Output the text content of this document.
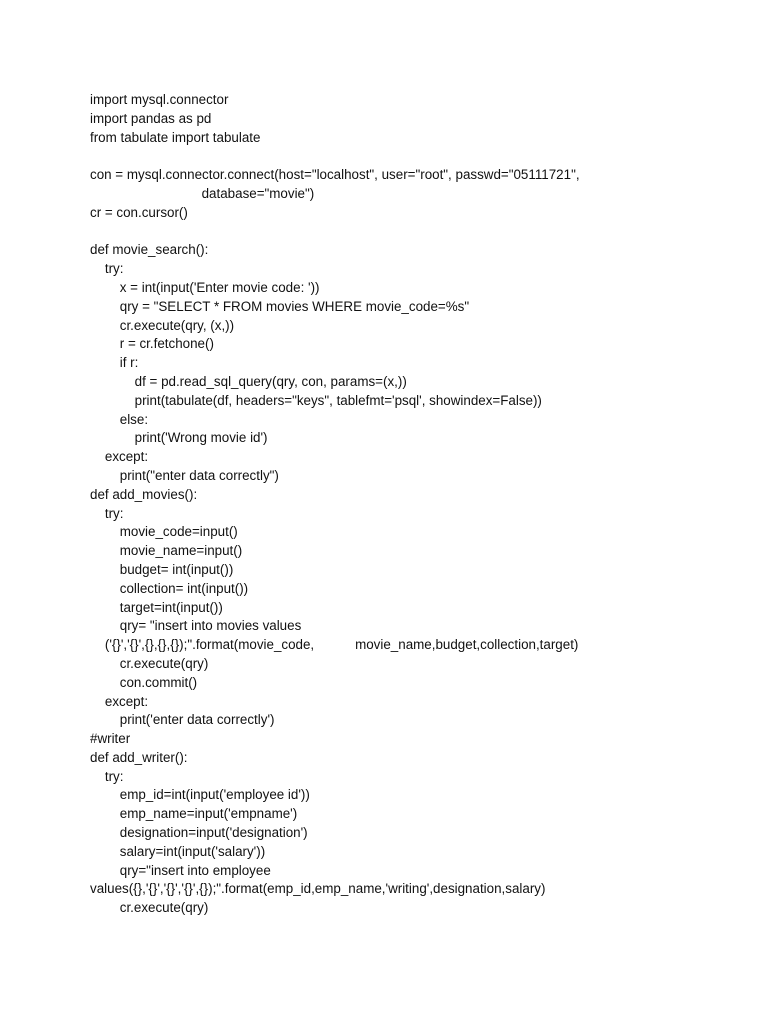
import mysql.connector
import pandas as pd
from tabulate import tabulate
con = mysql.connector.connect(host="localhost", user="root", passwd="05111721",
database="movie")
cr = con.cursor()
def movie_search():
try:
x = int(input('Enter movie code: '))
qry = "SELECT * FROM movies WHERE movie_code=%s"
cr.execute(qry, (x,))
r = cr.fetchone()
if r:
df = pd.read_sql_query(qry, con, params=(x,))
print(tabulate(df, headers="keys", tablefmt='psql', showindex=False))
else:
print('Wrong movie id')
except:
print("enter data correctly")
def add_movies():
try:
movie_code=input()
movie_name=input()
budget= int(input())
collection= int(input())
target=int(input())
qry= "insert into movies values
('{}','{}',{},{},{});".format(movie_code,           movie_name,budget,collection,target)
cr.execute(qry)
con.commit()
except:
print('enter data correctly')
#writer
def add_writer():
try:
emp_id=int(input('employee id'))
emp_name=input('empname')
designation=input('designation')
salary=int(input('salary'))
qry="insert into employee
values({},'{}','{}','{}',{});".format(emp_id,emp_name,'writing',designation,salary)
cr.execute(qry)
